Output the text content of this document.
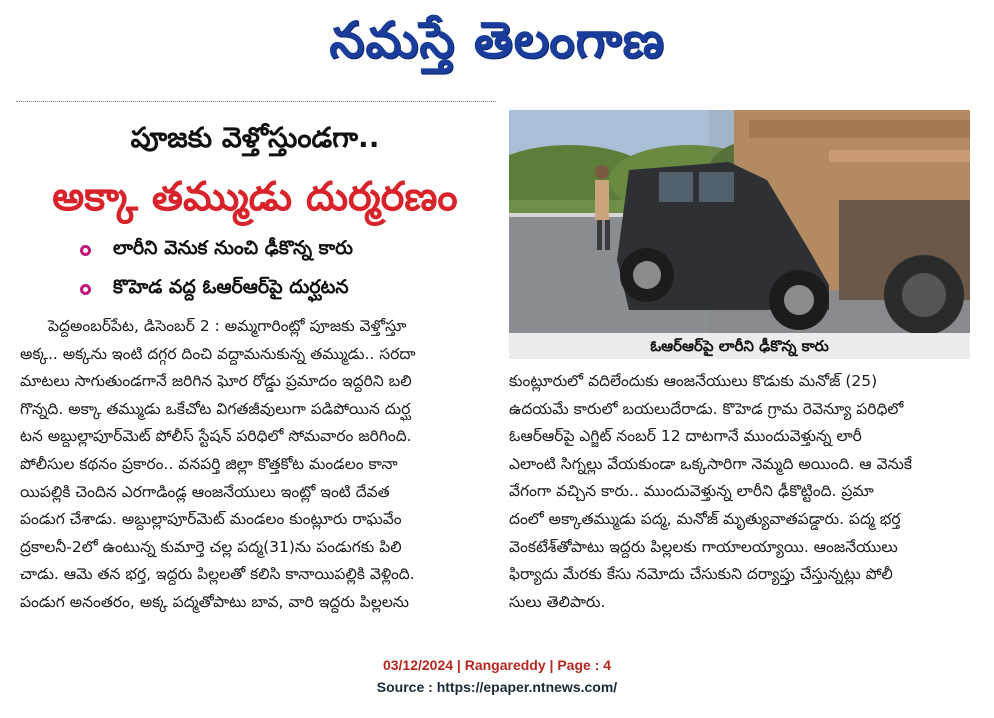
నమస్తే తెలంగాణ
పూజకు వెళ్తోస్తుండగా..
అక్కా తమ్ముడు దుర్మరణం
లారీని వెనుక నుంచి ఢీకొన్న కారు
కొహెడ వద్ద ఓఆర్ఆర్‌పై దుర్ఘటన
ఓఆర్ఆర్‌పై లారీని ఢీకొన్న కారు
పెద్దఅంబర్‌పేట, డిసెంబర్ 2 : అమ్మగారింట్లో పూజకు వెళ్తోస్తూ
అక్క.. అక్కను ఇంటి దగ్గర దించి వద్దామనుకున్న తమ్ముడు.. సరదా
మాటలు సాగుతుండగానే జరిగిన ఘోర రోడ్డు ప్రమాదం ఇద్దరిని బలి
గొన్నది. అక్కా తమ్ముడు ఒకేచోట విగతజీవులుగా పడిపోయిన దుర్ఘ
టన అబ్దుల్లాపూర్‌మెట్ పోలీస్ స్టేషన్ పరిధిలో సోమవారం జరిగింది.
పోలీసుల కథనం ప్రకారం.. వనపర్తి జిల్లా కొత్తకోట మండలం కానా
యిపల్లికి చెందిన ఎరగాడిండ్ల ఆంజనేయులు ఇంట్లో ఇంటి దేవత
పండుగ చేశాడు. అబ్దుల్లాపూర్‌మెట్ మండలం కుంట్లూరు రాఘవేం
ద్రకాలనీ-2లో ఉంటున్న కుమార్తె చల్ల పద్మ(31)ను పండుగకు పిలి
చాడు. ఆమె తన భర్త, ఇద్దరు పిల్లలతో కలిసి కానాయిపల్లికి వెళ్లింది.
పండుగ అనంతరం, అక్క పద్మతోపాటు బావ, వారి ఇద్దరు పిల్లలను
కుంట్లూరులో వదిలేందుకు ఆంజనేయులు కొడుకు మనోజ్ (25)
ఉదయమే కారులో బయలుదేరాడు. కొహెడ గ్రామ రెవెన్యూ పరిధిలో
ఓఆర్ఆర్‌పై ఎగ్జిట్ నంబర్ 12 దాటగానే ముందువెళ్తున్న లారీ
ఎలాంటి సిగ్నల్లు వేయకుండా ఒక్కసారిగా నెమ్మది అయింది. ఆ వెనుకే
వేగంగా వచ్చిన కారు.. ముందువెళ్తున్న లారీని ఢీకొట్టింది. ప్రమా
దంలో అక్కాతమ్ముడు పద్మ, మనోజ్ మృత్యువాతపడ్డారు. పద్మ భర్త
వెంకటేశ్‌తోపాటు ఇద్దరు పిల్లలకు గాయాలయ్యాయి. ఆంజనేయులు
ఫిర్యాదు మేరకు కేసు నమోదు చేసుకుని దర్యాప్తు చేస్తున్నట్లు పోలీ
సులు తెలిపారు.
03/12/2024 | Rangareddy | Page : 4
Source : https://epaper.ntnews.com/
